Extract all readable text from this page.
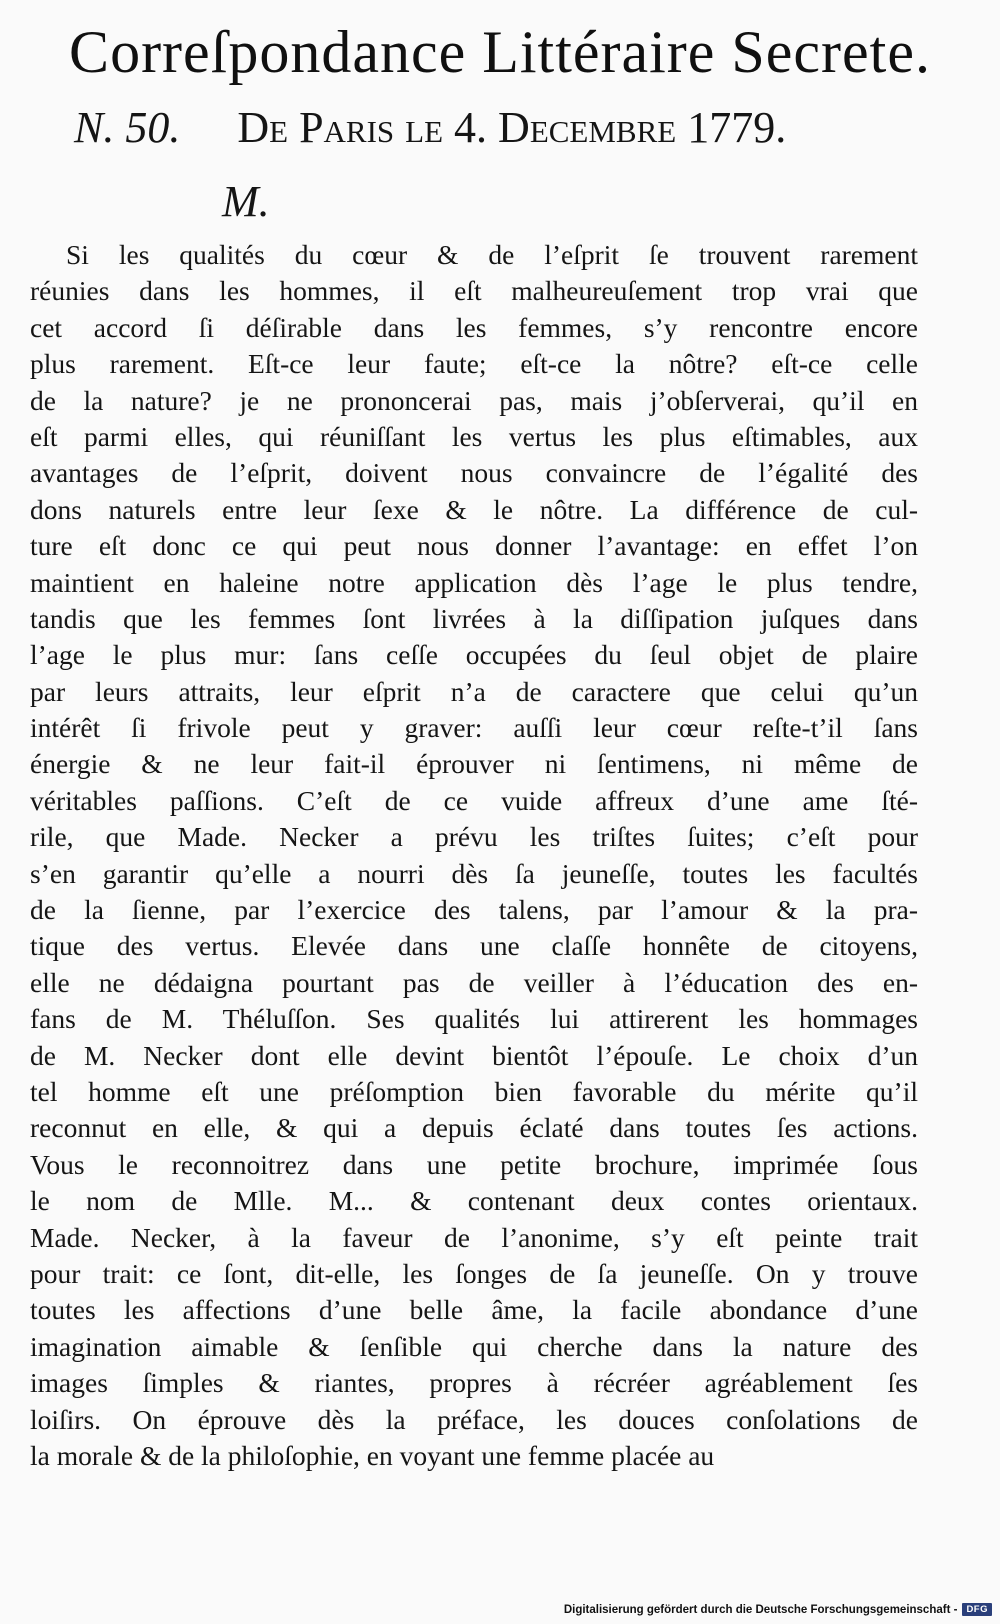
Correſpondance Littéraire Secrete.
N. 50. De Paris le 4. Decembre 1779.
M.
Si les qualités du cœur & de l’eſprit ſe trouvent rarement
réunies dans les hommes, il eſt malheureuſement trop vrai que
cet accord ſi déſirable dans les femmes, s’y rencontre encore
plus rarement. Eſt-ce leur faute; eſt-ce la nôtre? eſt-ce celle
de la nature? je ne prononcerai pas, mais j’obſerverai, qu’il en
eſt parmi elles, qui réuniſſant les vertus les plus eſtimables, aux
avantages de l’eſprit, doivent nous convaincre de l’égalité des
dons naturels entre leur ſexe & le nôtre. La différence de cul-
ture eſt donc ce qui peut nous donner l’avantage: en effet l’on
maintient en haleine notre application dès l’age le plus tendre,
tandis que les femmes ſont livrées à la diſſipation juſques dans
l’age le plus mur: ſans ceſſe occupées du ſeul objet de plaire
par leurs attraits, leur eſprit n’a de caractere que celui qu’un
intérêt ſi frivole peut y graver: auſſi leur cœur reſte-t’il ſans
énergie & ne leur fait-il éprouver ni ſentimens, ni même de
véritables paſſions. C’eſt de ce vuide affreux d’une ame ſté-
rile, que Made. Necker a prévu les triſtes ſuites; c’eſt pour
s’en garantir qu’elle a nourri dès ſa jeuneſſe, toutes les facultés
de la ſienne, par l’exercice des talens, par l’amour & la pra-
tique des vertus. Elevée dans une claſſe honnête de citoyens,
elle ne dédaigna pourtant pas de veiller à l’éducation des en-
fans de M. Théluſſon. Ses qualités lui attirerent les hommages
de M. Necker dont elle devint bientôt l’épouſe. Le choix d’un
tel homme eſt une préſomption bien favorable du mérite qu’il
reconnut en elle, & qui a depuis éclaté dans toutes ſes actions.
Vous le reconnoitrez dans une petite brochure, imprimée ſous
le nom de Mlle. M... & contenant deux contes orientaux.
Made. Necker, à la faveur de l’anonime, s’y eſt peinte trait
pour trait: ce ſont, dit-elle, les ſonges de ſa jeuneſſe. On y trouve
toutes les affections d’une belle âme, la facile abondance d’une
imagination aimable & ſenſible qui cherche dans la nature des
images ſimples & riantes, propres à récréer agréablement ſes
loiſirs. On éprouve dès la préface, les douces conſolations de
la morale & de la philoſophie, en voyant une femme placée au
Digitalisierung gefördert durch die Deutsche Forschungsgemeinschaft - DFG
